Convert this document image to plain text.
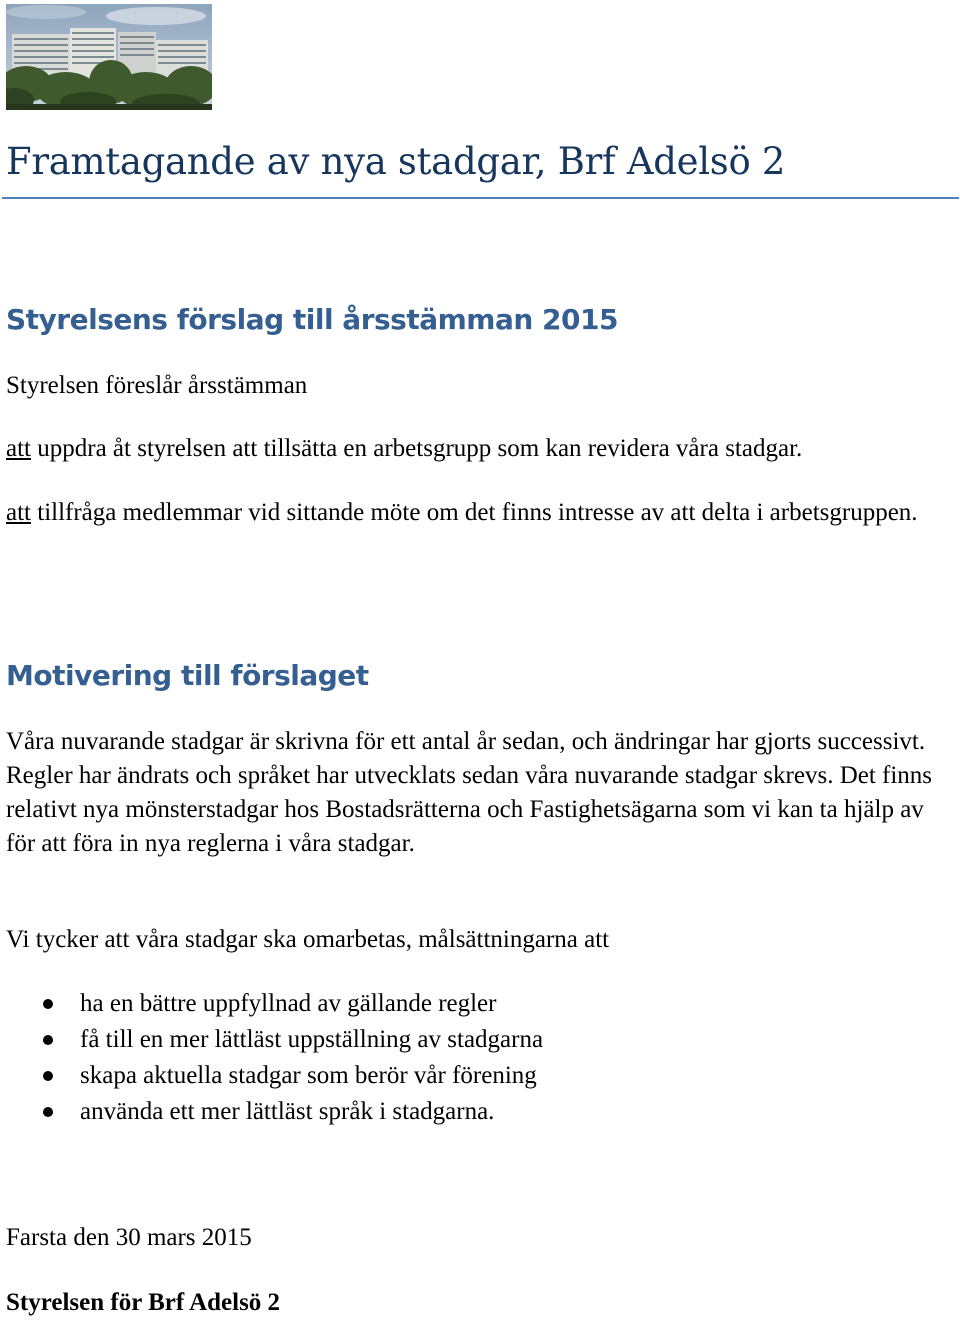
Framtagande av nya stadgar, Brf Adelsö 2
Styrelsens förslag till årsstämman 2015

Styrelsen föreslår årsstämman

att uppdra åt styrelsen att tillsätta en arbetsgrupp som kan revidera våra stadgar.

att tillfråga medlemmar vid sittande möte om det finns intresse av att delta i arbetsgruppen.

Motivering till förslaget

Våra nuvarande stadgar är skrivna för ett antal år sedan, och ändringar har gjorts successivt. Regler har ändrats och språket har utvecklats sedan våra nuvarande stadgar skrevs. Det finns relativt nya mönsterstadgar hos Bostadsrätterna och Fastighetsägarna som vi kan ta hjälp av för att föra in nya reglerna i våra stadgar.

Vi tycker att våra stadgar ska omarbetas, målsättningarna att

ha en bättre uppfyllnad av gällande regler
få till en mer lättläst uppställning av stadgarna
skapa aktuella stadgar som berör vår förening
använda ett mer lättläst språk i stadgarna.

Farsta den 30 mars 2015

Styrelsen för Brf Adelsö 2
